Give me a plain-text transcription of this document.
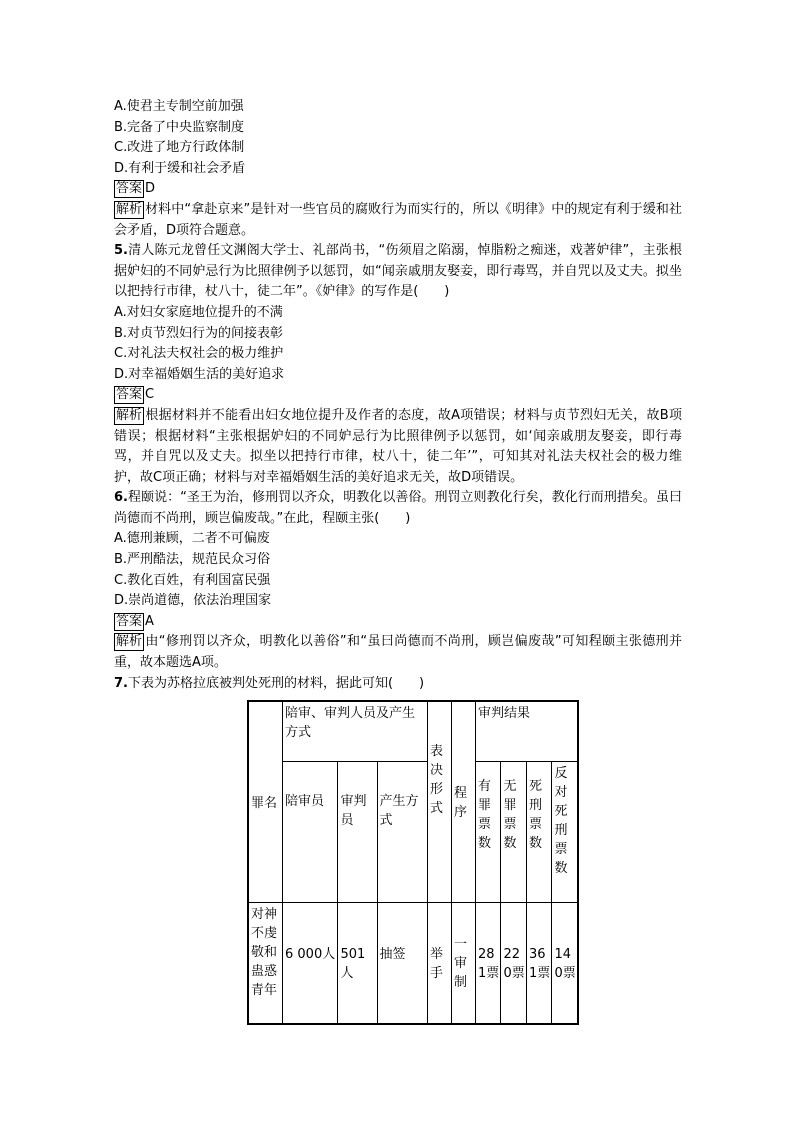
A.使君主专制空前加强
B.完备了中央监察制度
C.改进了地方行政体制
D.有利于缓和社会矛盾
答案 D
解析 材料中“拿赴京来”是针对一些官员的腐败行为而实行的，所以《明律》中的规定有利于缓和社会矛盾，D项符合题意。
5.清人陈元龙曾任文渊阁大学士、礼部尚书，“伤须眉之陷溺，悼脂粉之痴迷，戏著妒律”，主张根据妒妇的不同妒忌行为比照律例予以惩罚，如“闻亲戚朋友娶妾，即行毒骂，并自咒以及丈夫。拟坐以把持行市律，杖八十，徒二年”。《妒律》的写作是(　　)
A.对妇女家庭地位提升的不满
B.对贞节烈妇行为的间接表彰
C.对礼法夫权社会的极力维护
D.对幸福婚姻生活的美好追求
答案 C
解析 根据材料并不能看出妇女地位提升及作者的态度，故A项错误；材料与贞节烈妇无关，故B项错误；根据材料“主张根据妒妇的不同妒忌行为比照律例予以惩罚，如‘闻亲戚朋友娶妾，即行毒骂，并自咒以及丈夫。拟坐以把持行市律，杖八十，徒二年’”，可知其对礼法夫权社会的极力维护，故C项正确；材料与对幸福婚姻生活的美好追求无关，故D项错误。
6.程颐说：“圣王为治，修刑罚以齐众，明教化以善俗。刑罚立则教化行矣，教化行而刑措矣。虽曰尚德而不尚刑，顾岂偏废哉。”在此，程颐主张(　　)
A.德刑兼顾，二者不可偏废
B.严刑酷法，规范民众习俗
C.教化百姓，有利国富民强
D.崇尚道德，依法治理国家
答案 A
解析 由“修刑罚以齐众，明教化以善俗”和“虽曰尚德而不尚刑，顾岂偏废哉”可知程颐主张德刑并重，故本题选A项。
7.下表为苏格拉底被判处死刑的材料，据此可知(　　)
罪名	陪审、审判人员及产生方式			表决形式	程序	审判结果			
	陪审员	审判员	产生方式			有罪票数	无罪票数	死刑票数	反对死刑票数
对神不虔敬和蛊惑青年	6 000人	501人	抽签	举手	一审制	281票	220票	361票	140票
